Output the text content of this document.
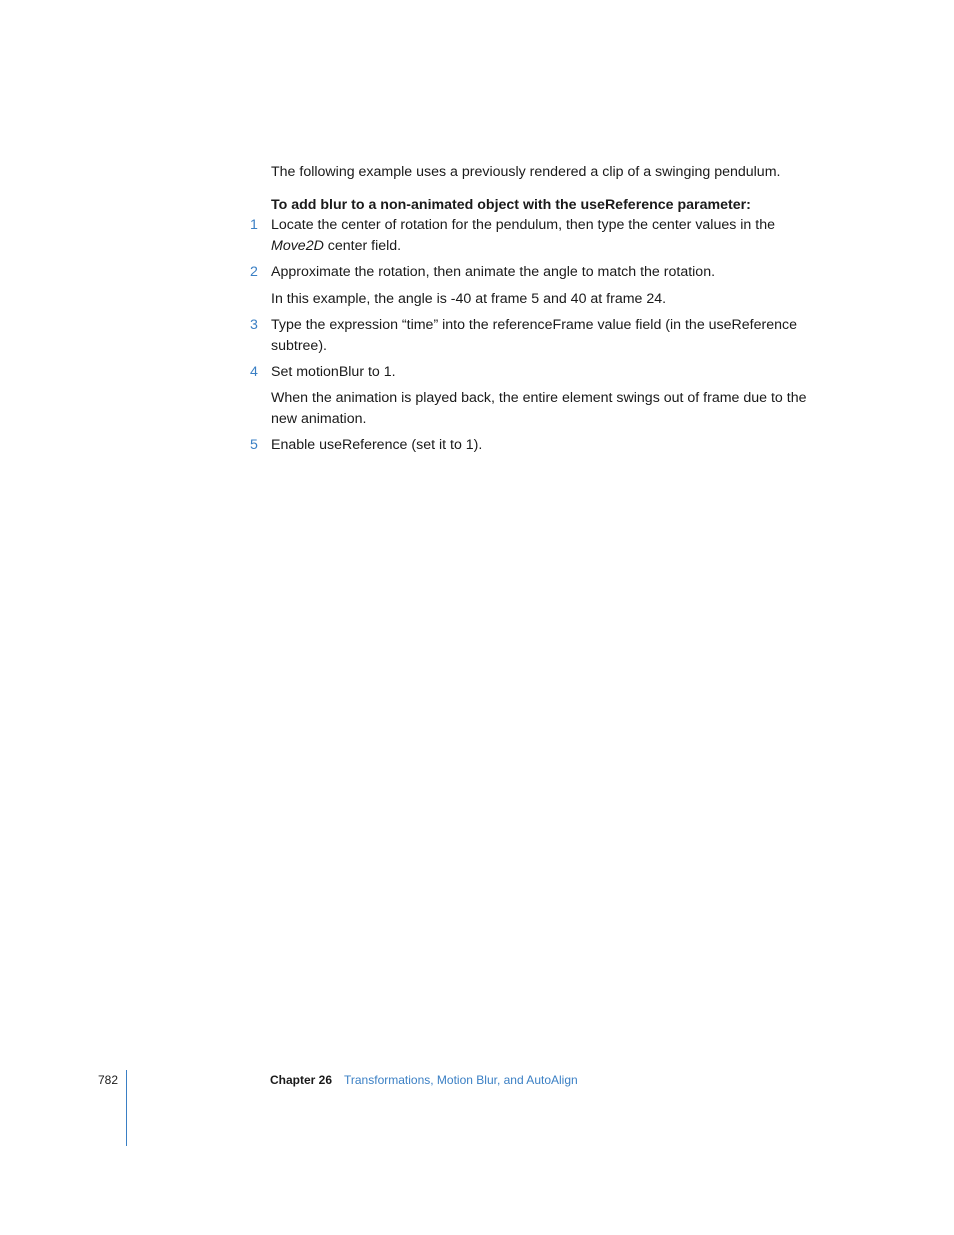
The following example uses a previously rendered a clip of a swinging pendulum.

To add blur to a non-animated object with the useReference parameter:

1 Locate the center of rotation for the pendulum, then type the center values in the
Move2D center field.

2 Approximate the rotation, then animate the angle to match the rotation.

In this example, the angle is -40 at frame 5 and 40 at frame 24.

3 Type the expression “time” into the referenceFrame value field (in the useReference
subtree).

4 Set motionBlur to 1.

When the animation is played back, the entire element swings out of frame due to the
new animation.

5 Enable useReference (set it to 1).

782	Chapter 26 Transformations, Motion Blur, and AutoAlign
